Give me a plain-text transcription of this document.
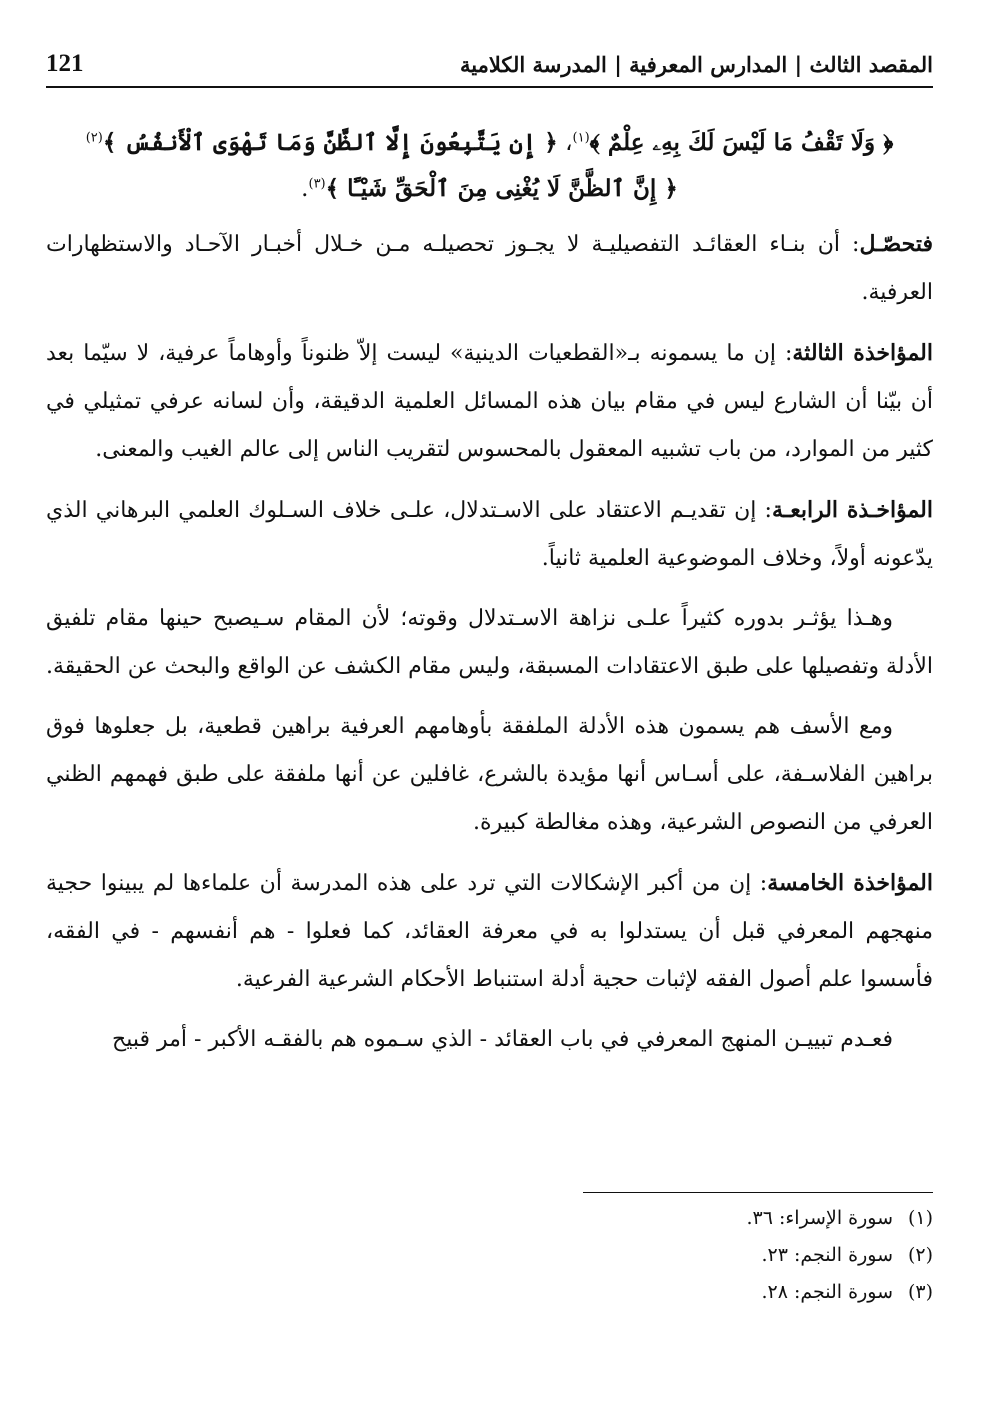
المقصد الثالث | المدارس المعرفية | المدرسة الكلامية
121
﴿ وَلَا تَقْفُ مَا لَيْسَ لَكَ بِهِۦ عِلْمٌ ﴾$^{(١)}$، ﴿ إِن يَتَّبِعُونَ إِلَّا ٱلظَّنَّ وَمَا تَهْوَى ٱلْأَنفُسُ ﴾$^{(٢)}$
﴿ إِنَّ ٱلظَّنَّ لَا يُغْنِى مِنَ ٱلْحَقِّ شَيْـًٔا ﴾$^{(٣)}$.

فتحصّـل: أن بنـاء العقائـد التفصيليـة لا يجـوز تحصيلـه مـن خـلال أخبـار الآحـاد والاستظهارات العرفية.

المؤاخذة الثالثة: إن ما يسمونه بـ«القطعيات الدينية» ليست إلاّ ظنوناً وأوهاماً عرفية، لا سيّما بعد أن بيّنا أن الشارع ليس في مقام بيان هذه المسائل العلمية الدقيقة، وأن لسانه عرفي تمثيلي في كثير من الموارد، من باب تشبيه المعقول بالمحسوس لتقريب الناس إلى عالم الغيب والمعنى.

المؤاخـذة الرابعـة: إن تقديـم الاعتقاد على الاسـتدلال، علـى خلاف السـلوك العلمي البرهاني الذي يدّعونه أولاً، وخلاف الموضوعية العلمية ثانياً.

وهـذا يؤثـر بدوره كثيراً علـى نزاهة الاسـتدلال وقوته؛ لأن المقام سـيصبح حينها مقام تلفيق الأدلة وتفصيلها على طبق الاعتقادات المسبقة، وليس مقام الكشف عن الواقع والبحث عن الحقيقة.

ومع الأسف هم يسمون هذه الأدلة الملفقة بأوهامهم العرفية براهين قطعية، بل جعلوها فوق براهين الفلاسـفة، على أسـاس أنها مؤيدة بالشرع، غافلين عن أنها ملفقة على طبق فهمهم الظني العرفي من النصوص الشرعية، وهذه مغالطة كبيرة.

المؤاخذة الخامسة: إن من أكبر الإشكالات التي ترد على هذه المدرسة أن علماءها لم يبينوا حجية منهجهم المعرفي قبل أن يستدلوا به في معرفة العقائد، كما فعلوا - هم أنفسهم - في الفقه، فأسسوا علم أصول الفقه لإثبات حجية أدلة استنباط الأحكام الشرعية الفرعية.

فعـدم تبييـن المنهج المعرفي في باب العقائد - الذي سـموه هم بالفقـه الأكبر - أمر قبيح

(١)سورة الإسراء: ٣٦.
(٢)سورة النجم: ٢٣.
(٣)سورة النجم: ٢٨.
